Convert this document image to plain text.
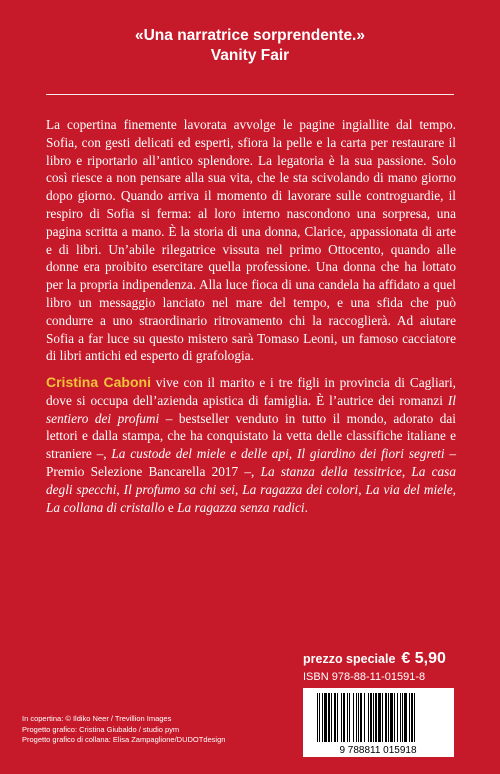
«Una narratrice sorprendente.»
Vanity Fair
La copertina finemente lavorata avvolge le pagine ingiallite dal tempo. Sofia, con gesti delicati ed esperti, sfiora la pelle e la carta per restaurare il libro e riportarlo all’antico splendore. La legatoria è la sua passione. Solo così riesce a non pensare alla sua vita, che le sta scivolando di mano giorno dopo giorno. Quando arriva il momento di lavorare sulle controguardie, il respiro di Sofia si ferma: al loro interno nascondono una sorpresa, una pagina scritta a mano. È la storia di una donna, Clarice, appassionata di arte e di libri. Un’abile rilegatrice vissuta nel primo Ottocento, quando alle donne era proibito esercitare quella professione. Una donna che ha lottato per la propria indipendenza. Alla luce fioca di una candela ha affidato a quel libro un messaggio lanciato nel mare del tempo, e una sfida che può condurre a uno straordinario ritrovamento chi la raccoglierà. Ad aiutare Sofia a far luce su questo mistero sarà Tomaso Leoni, un famoso cacciatore di libri antichi ed esperto di grafologia.
Cristina Caboni vive con il marito e i tre figli in provincia di Cagliari, dove si occupa dell’azienda apistica di famiglia. È l’autrice dei romanzi Il sentiero dei profumi – bestseller venduto in tutto il mondo, adorato dai lettori e dalla stampa, che ha conquistato la vetta delle classifiche italiane e straniere –, La custode del miele e delle api, Il giardino dei fiori segreti – Premio Selezione Bancarella 2017 –, La stanza della tessitrice, La casa degli specchi, Il profumo sa chi sei, La ragazza dei colori, La via del miele, La collana di cristallo e La ragazza senza radici.
prezzo speciale € 5,90
ISBN 978-88-11-01591-8
9 788811 015918
In copertina: © Ildiko Neer / Trevillion Images
Progetto grafico: Cristina Giubaldo / studio pym
Progetto grafico di collana: Elisa Zampaglione/DUDOTdesign
